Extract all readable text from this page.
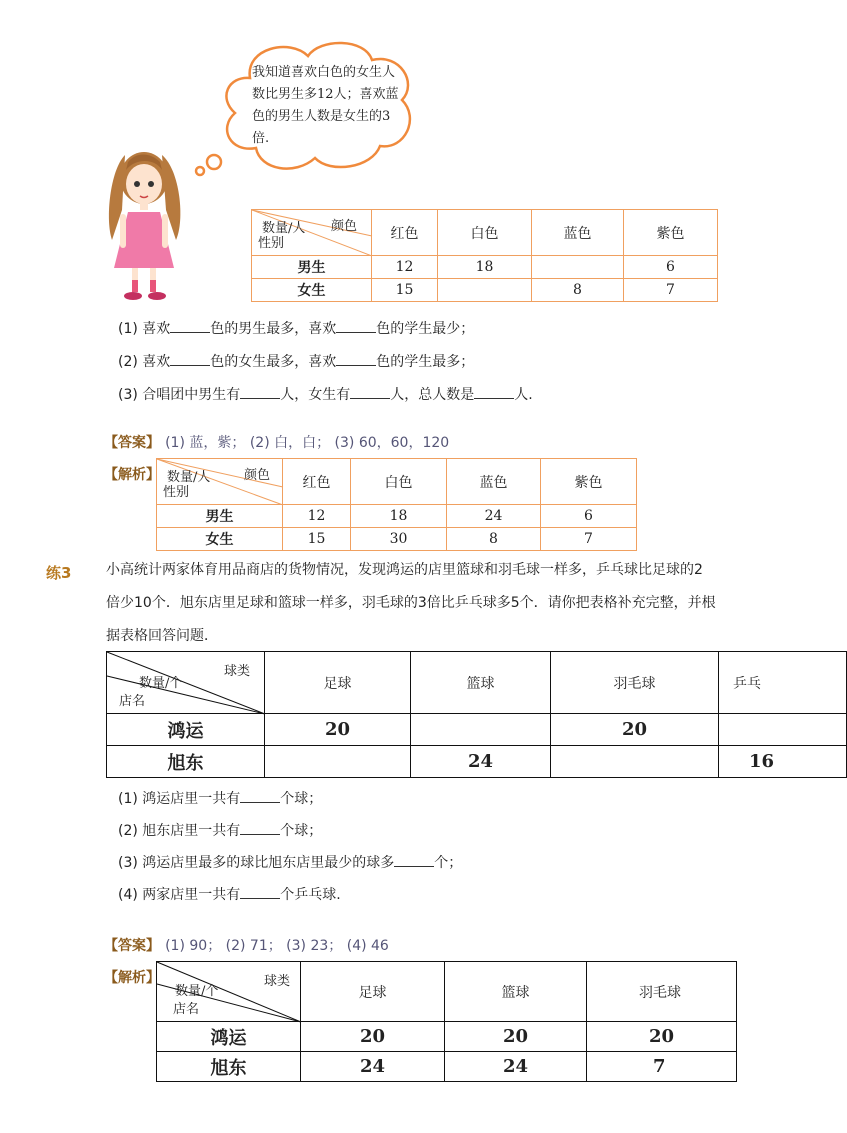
我知道喜欢白色的女生人数比男生多12人；喜欢蓝色的男生人数是女生的3倍.
数量/人 颜色
性别	红色	白色	蓝色	紫色
男生	12	18		6
女生	15		8	7
(1) 喜欢	色的男生最多，喜欢	色的学生最少；
(2) 喜欢	色的女生最多，喜欢	色的学生最多；
(3) 合唱团中男生有	人，女生有	人，总人数是	人.
【答案】 (1) 蓝，紫； (2) 白，白； (3) 60，60，120
【解析】 数量/人 颜色
性别	红色	白色	蓝色	紫色
男生	12	18	24	6
女生	15	30	8	7
练3 小高统计两家体育用品商店的货物情况，发现鸿运的店里篮球和羽毛球一样多，乒乓球比足球的2倍少10个．旭东店里足球和篮球一样多，羽毛球的3倍比乒乓球多5个．请你把表格补充完整，并根据表格回答问题．
数量/个
球类
店名	足球	篮球	羽毛球	乒乓
鸿运	20		20	
旭东		24		16
(1) 鸿运店里一共有	个球；
(2) 旭东店里一共有	个球；
(3) 鸿运店里最多的球比旭东店里最少的球多	个；
(4) 两家店里一共有	个乒乓球.
【答案】 (1) 90； (2) 71； (3) 23； (4) 46
【解析】
数量/个
球类
店名	足球	篮球	羽毛球
鸿运	20	20	20
旭东	24	24	7
